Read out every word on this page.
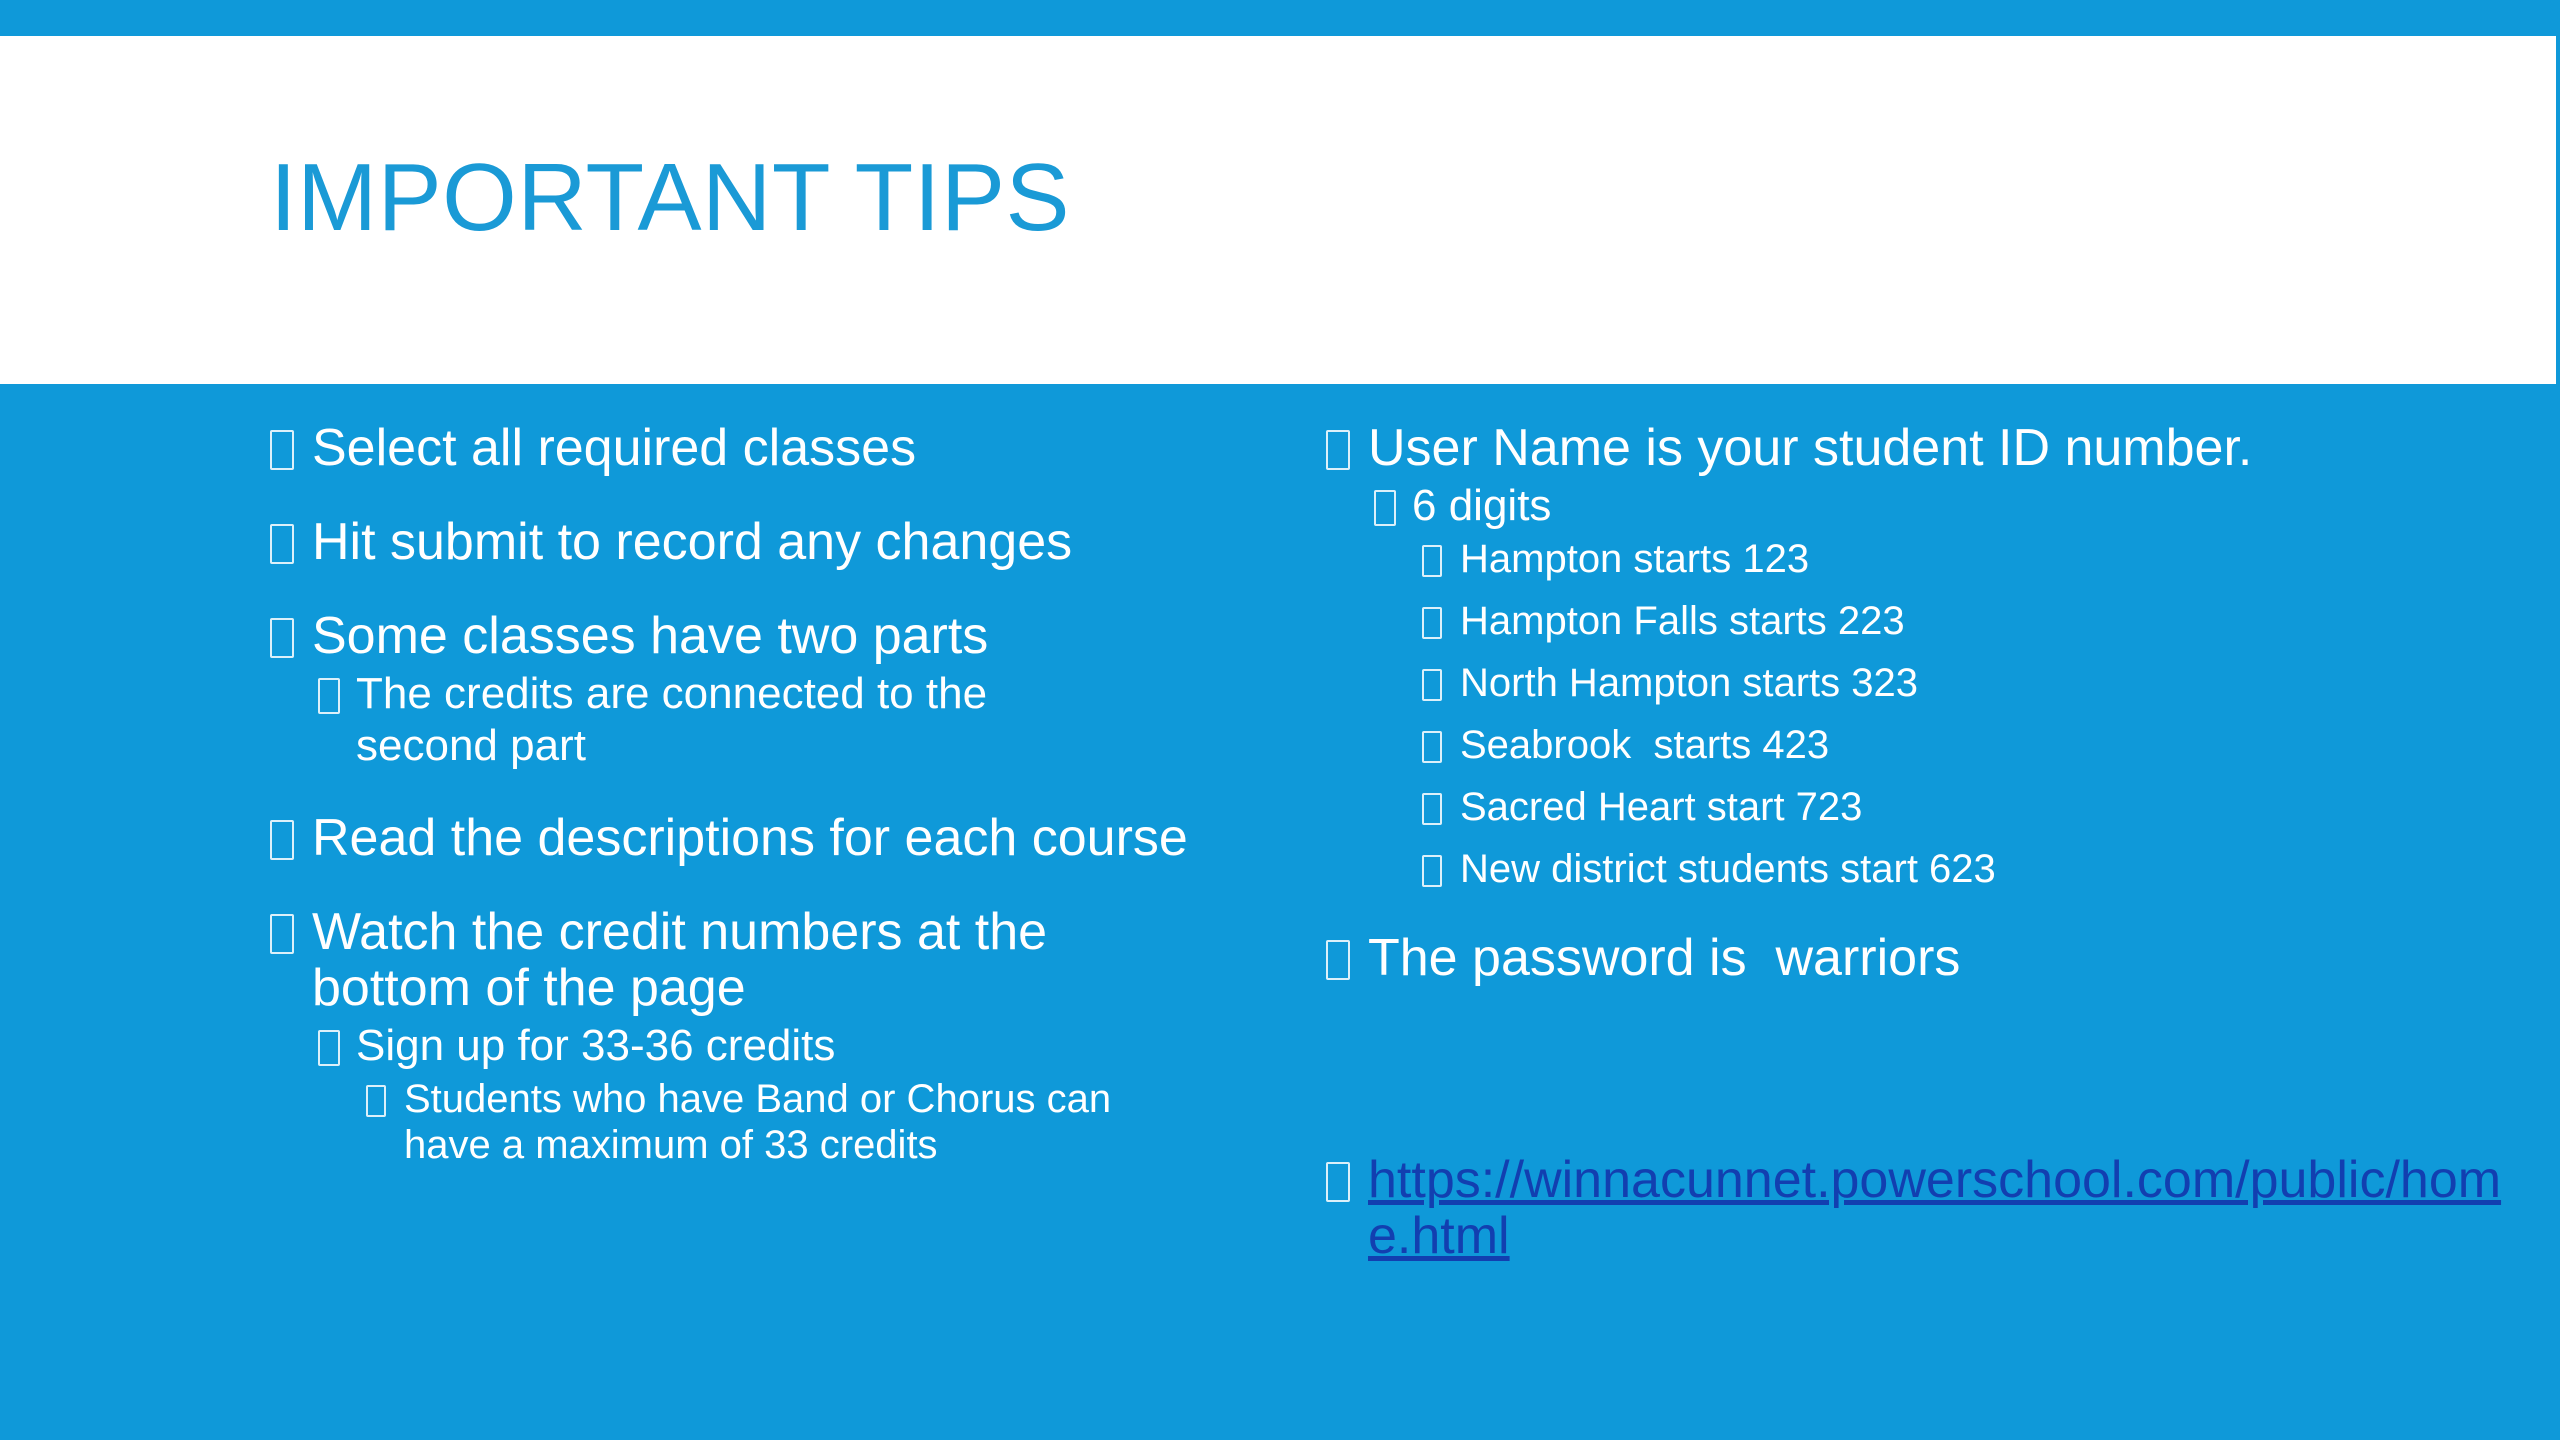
IMPORTANT TIPS
Select all required classes
Hit submit to record any changes
Some classes have two parts
The credits are connected to the second part
Read the descriptions for each course
Watch the credit numbers at the bottom of the page
Sign up for 33-36 credits
Students who have Band or Chorus can have a maximum of 33 credits
User Name is your student ID number.
6 digits
Hampton starts 123
Hampton Falls starts 223
North Hampton starts 323
Seabrook  starts 423
Sacred Heart start 723
New district students start 623
The password is  warriors
https://winnacunnet.powerschool.com/public/home.html
